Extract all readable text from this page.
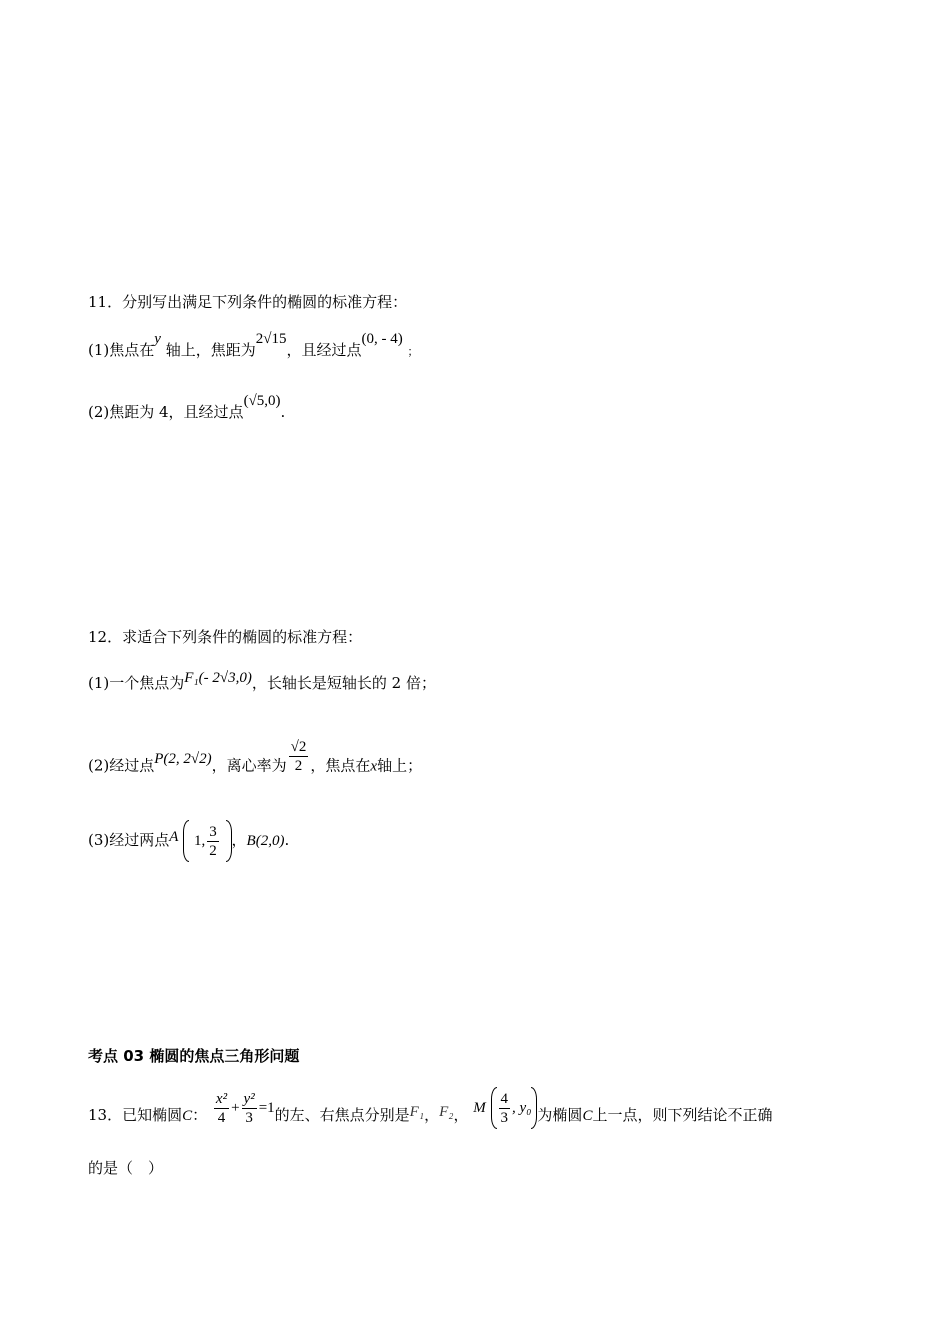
11．分别写出满足下列条件的椭圆的标准方程：
(1)焦点在y 轴上，焦距为2√15，且经过点(0, - 4) ；
(2)焦距为 4，且经过点(√5,0).
12．求适合下列条件的椭圆的标准方程：
(1)一个焦点为F₁(- 2√3,0)，长轴长是短轴长的 2 倍；
(2)经过点P(2, 2√2)，离心率为 $\frac{√2}{2}$ ，焦点在x轴上；
(3)经过两点A 1, $\frac{3}{2}$ ，B(2,0).
考点 03 椭圆的焦点三角形问题
13．已知椭圆C： $\frac{\text{x²}}{4} + \frac{\text{y²}}{3} =1$的左、右焦点分别是F₁，F₂， M $\frac{4}{3}$ , y₀ 为椭圆C上一点，则下列结论不正确
的是（　）
